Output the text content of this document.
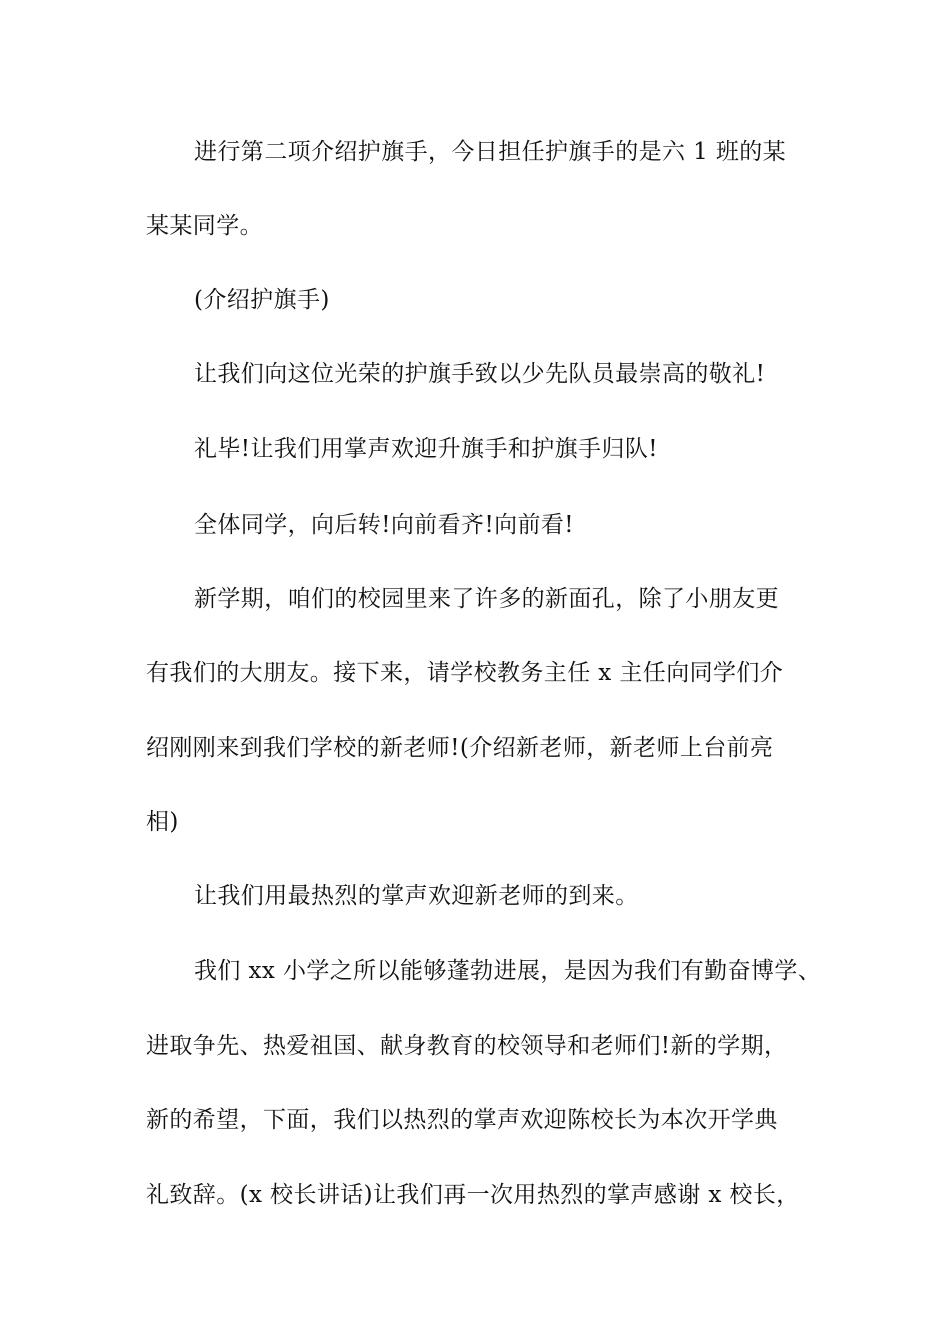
进行第二项介绍护旗手，今日担任护旗手的是六 1 班的某
某某同学。
(介绍护旗手)
让我们向这位光荣的护旗手致以少先队员最崇高的敬礼!
礼毕!让我们用掌声欢迎升旗手和护旗手归队!
全体同学，向后转!向前看齐!向前看!
新学期，咱们的校园里来了许多的新面孔，除了小朋友更
有我们的大朋友。接下来，请学校教务主任 x 主任向同学们介
绍刚刚来到我们学校的新老师!(介绍新老师，新老师上台前亮
相)
让我们用最热烈的掌声欢迎新老师的到来。
我们 xx 小学之所以能够蓬勃进展，是因为我们有勤奋博学、
进取争先、热爱祖国、献身教育的校领导和老师们!新的学期，
新的希望，下面，我们以热烈的掌声欢迎陈校长为本次开学典
礼致辞。(x 校长讲话)让我们再一次用热烈的掌声感谢 x 校长，
